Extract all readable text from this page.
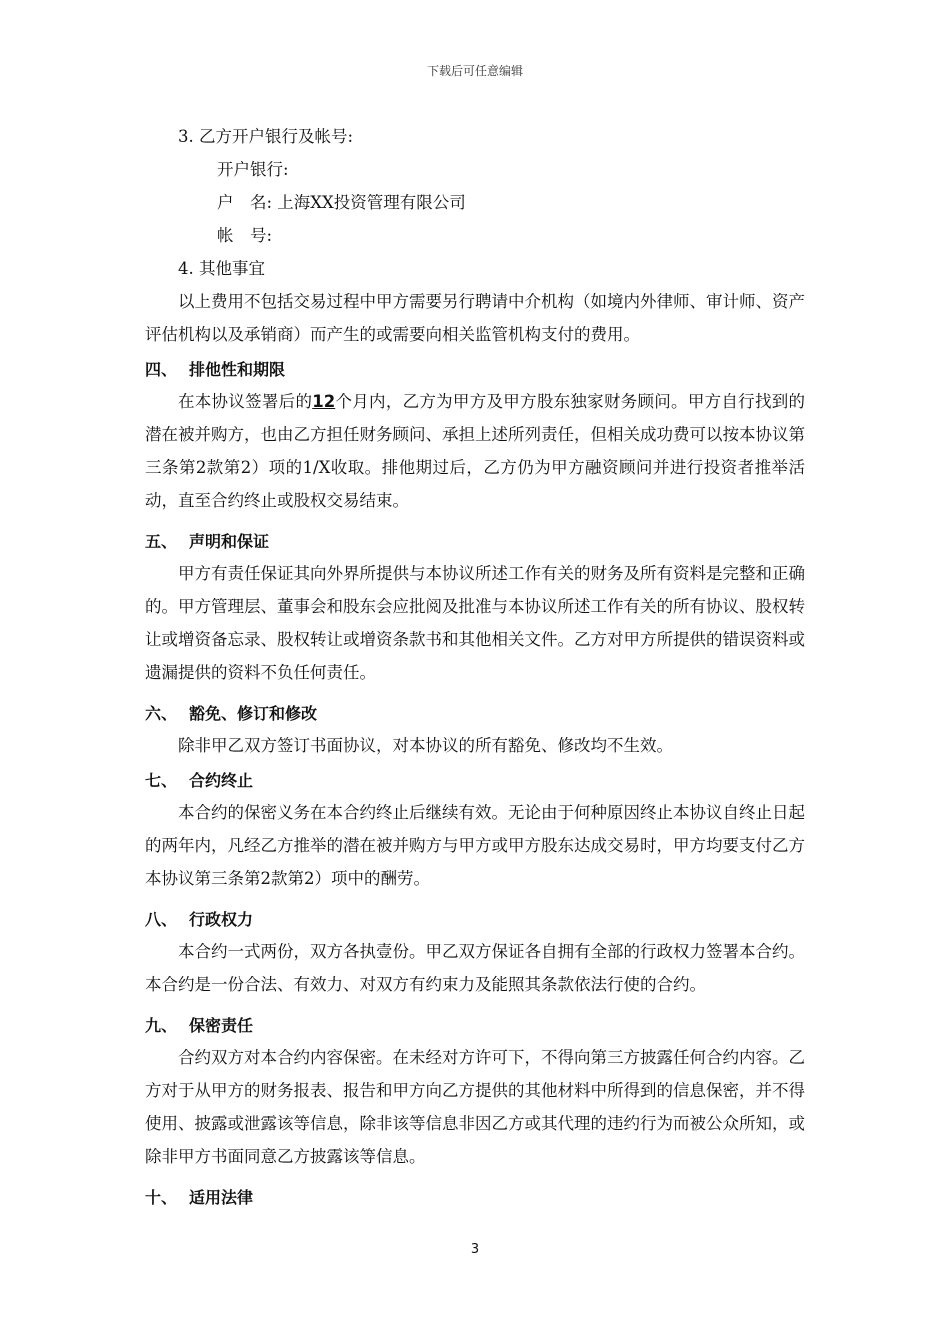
下载后可任意编辑
3. 乙方开户银行及帐号:
开户银行:
户　名: 上海XX投资管理有限公司
帐　号:
4. 其他事宜
以上费用不包括交易过程中甲方需要另行聘请中介机构（如境内外律师、审计师、资产评估机构以及承销商）而产生的或需要向相关监管机构支付的费用。
四、 排他性和期限
在本协议签署后的12个月内，乙方为甲方及甲方股东独家财务顾问。甲方自行找到的潜在被并购方，也由乙方担任财务顾问、承担上述所列责任，但相关成功费可以按本协议第三条第2款第2）项的1/X收取。排他期过后，乙方仍为甲方融资顾问并进行投资者推举活动，直至合约终止或股权交易结束。
五、 声明和保证
甲方有责任保证其向外界所提供与本协议所述工作有关的财务及所有资料是完整和正确的。甲方管理层、董事会和股东会应批阅及批准与本协议所述工作有关的所有协议、股权转让或增资备忘录、股权转让或增资条款书和其他相关文件。乙方对甲方所提供的错误资料或遗漏提供的资料不负任何责任。
六、 豁免、修订和修改
除非甲乙双方签订书面协议，对本协议的所有豁免、修改均不生效。
七、 合约终止
本合约的保密义务在本合约终止后继续有效。无论由于何种原因终止本协议自终止日起的两年内，凡经乙方推举的潜在被并购方与甲方或甲方股东达成交易时，甲方均要支付乙方本协议第三条第2款第2）项中的酬劳。
八、 行政权力
本合约一式两份，双方各执壹份。甲乙双方保证各自拥有全部的行政权力签署本合约。本合约是一份合法、有效力、对双方有约束力及能照其条款依法行使的合约。
九、 保密责任
合约双方对本合约内容保密。在未经对方许可下，不得向第三方披露任何合约内容。乙方对于从甲方的财务报表、报告和甲方向乙方提供的其他材料中所得到的信息保密，并不得使用、披露或泄露该等信息，除非该等信息非因乙方或其代理的违约行为而被公众所知，或除非甲方书面同意乙方披露该等信息。
十、 适用法律
3
